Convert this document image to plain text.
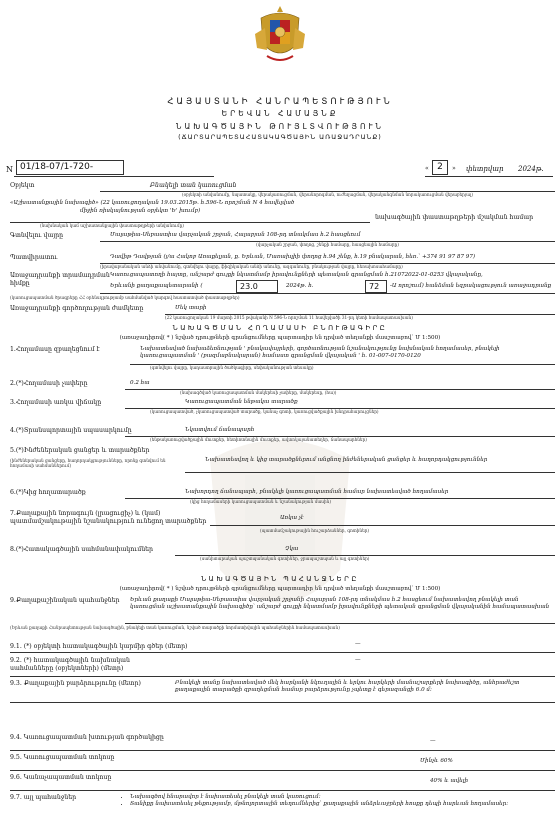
ՀԱՅԱՍՏԱՆԻ ՀԱՆՐԱՊԵՏՈՒԹՅՈՒՆ
ԵՐԵՎԱՆ ՀԱՄԱՅՆՔ
ՆԱԽԱԳԾԱՅԻՆ ԹՈՒՅԼՏՎՈՒԹՅՈՒՆ
(ՃԱՐՏԱՐԱՊԵՏԱՀԱՏԱԿԱԳԾԱՅԻՆ ԱՌԱՋԱԴՐԱՆՔ)
N 01/18-07/1-720-	« 2	» փետրվար 2024թ.
Օբյեկտ	Բնակելի տան կառուցման
(օբյեկտի անվանումը, նպատակը, վերակառուցման, վերանորոգման, ուժեղացման, վերականգնման նորակառուցման վերաբերյալ)
«Աշխատանքային նախագիծ» (22 կառուցողական 19.03.2015թ. հ.596-Ն որոշման N 4 հավելված
միջին ռիսկայնության օբյեկտ 'Ե' խումբ)
նախագծային փաստաթղթերի մշակման համար
(նախնական կամ աշխատանքային փաստաթղթերի անվանումը)
Գտնվելու վայրը	Մալաթիա-Սեբաստիա վարչական շրջան, Հալաբյան 108-րդ տնակմաս հ.2 հասցեում
(վարչական շրջան, փողոց, շենքի համարը, հասցեային համարը)
Պատվիրատու	Դավիթ Դավթյան (յ/ա Հակոբ Առաքելյան, ք. Երևան, Մառախլիի փողոց հ.94 շենք, հ.19 բնակարան, հեռ.՝ +374 91 97 87 97)
(իրավաբանական անձի անվանումը, գտնվելու վայրը, ֆիզիկական անձի անունը, ազգանունը, բնակության վայրը, հեռախոսահամարը)
Առաջադրանքի տրամադրման հիմքը
Կառուցապատողի հայտը, անշարժ գույքի նկատմամբ իրավունքների պետական գրանցման հ.21072022-01-0253 վկայականը,
Երևանի քաղաքապետարանի (	23.0	2024թ. հ.	72	-Ա որոշում) հանձման եզրակացություն առաջադրանք
(կառուցապատման ծրագրերը ՀՀ օրենսդրությամբ սահմանված կարգով հաստատված փաստաթղթեր)
Առաջադրանքի գործողության ժամկետը	Մեկ տարի
(22 կառուցողական 19 մարտի 2015 թվականի N 596-Ն որոշման 11 հավելվածի 31-րդ կետի համապատասխան)
ՆԱԽԱԳԾՄԱՆ ՀՈՂԱՄԱՍԻ ԲՆՈՒԹԱԳԻՐԸ
(առաջադիրով( * ) նշված դրույթների գրանցումները պարտադիր են դրված տեղանքի մասշտաբով՝ Մ 1:500)
1.Հողամասը զբաղեցնում է	Նախատեսված նախաձեռնության ' բնակավայրերի, գործառնության նշանակությունը նախնական հողամասեր, բնակելի կառուցապատման ' (բազմաբնակարան) համաստ գրանցման վկայական ' հ. 01-007-0170-0120
(գտնվելու վայրը, կադաստրային ծածկագիրը, սեփականության տեսակը)
2.(*)Հողամասի չափերը	0.2 հա
(նախագծված կառուցապատման մակերեսի չափերը, մակերեսը, (հա))
3.Հողամասի առկա վիճակը	Կառուցապատման ենթակա տարածք
(կառուցապատված, չկառուցապատված տարածք, կանաչ գոտի, կառուցվածքային խնդրահարույցներ)
4.(*)Տրանսպորտային սպասարկումը	Նկատվում ճանապարհ
(ենթակառուցվածքային մուտքեր, հետիոտնային մուտքեր, ավտոկայանատեղեր, ճանապարհներ)
5.(*)Ինժեներական ցանցեր և տարածքներ
Նախատեսվող և կից տարածքներում անցնող ինժեներական ցանցեր և հաղորդակցություններ
(ինժեներական ցանցերը, հաղորդակցությունները, որոնք գտնվում են հողամասի սահմաններում)
6.(*)Կից հողատարածք	Նախորդող ճանապարհ, բնակելի կառուցապատման համար նախատեսված հողամասեր
(կից հողամասերի կառուցապատման և նշանակության մասին)
7.Քաղաքային նորագույն (լրացուցիչ) և (կամ) պատմամշակութային նշանակություն ունեցող տարածքներ	Առկա չէ
(պատմամշակութային հուշարձաններ, գոտիներ)
8.(*)Հատակագծային սահմանափակումներ	Չկա
(սանիտարական պաշտպանական գոտիներ, ջրապաշտպան և այլ գոտիներ)
ՆԱԽԱԳԾԱՅԻՆ ՊԱՀԱՆՋՆԵՐԸ
(առաջադիրով( * ) նշված դրույթների գրանցումները պարտադիր են դրված տեղանքի մասշտաբով՝ Մ 1:500)
9.Քաղաքաշինական պահանջներ Երևան քաղաքի Մալաթիա-Սեբաստիա վարչական շրջանի Հալաբյան 108-րդ տնակմաս հ.2 հասցեում նախատեսվող բնակելի տան կառուցման աշխատանքային նախագիծը՝ անշարժ գույքի նկատմամբ իրավունքների պետական գրանցման վկայականին համապատասխան
(Երևան քաղաքի Հանրապետության նախագծային, բնակելի տան կառուցման, նշված տարածքի նորմատիվային պահանջներին համապատասխան)
9.1. (*) օբյեկտի հատակագծային կարմիր գծեր (մետր)	—
9.2. (*) հատակագծային նախնական սահմանները (օբյեկտների) (մետր)
—
9.3. Քաղաքային բարձրությունը (մետր)	Բնակելի տանը նախատեսված մեկ հարկանի նկուղային և երկու հարկերի մասնաշարքերի նախագիծը, անհրաժեշտ քաղաքային տարածքի զբաղեցման համար բարձրությունը չպետք է գերազանցի 6.0 մ:
9.4. Կառուցապատման խտության գործակիցը	—
9.5. Կառուցապատման տոկոսը	Մինչև 60%
9.6. Կանաչապատման տոկոսը	40% և ավելի
9.7. այլ պահանջներ
•	Նախագծով հնարավոր է նախատեսել բնակելի տան կառուցում:
• Տանիքը նախատեսել թեքությամբ, մթնոլորտային տեղումներից՝ քաղաքային անձրևաջրերի հոսքը դեպի հարևան հողամասեր:
